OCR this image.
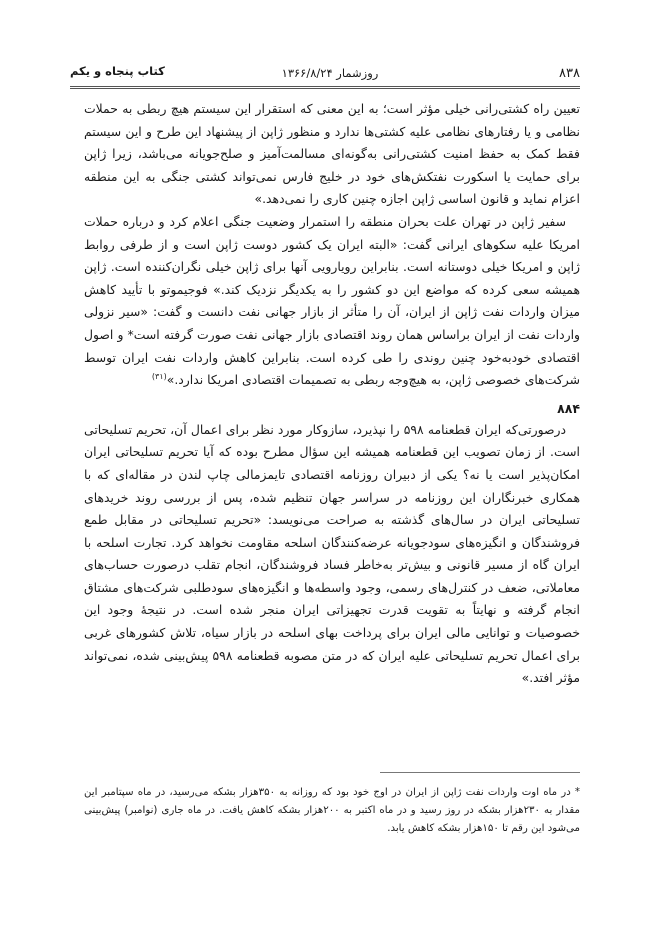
۸۳۸
روزشمار ۱۳۶۶/۸/۲۴
کتاب پنجاه و یکم

تعیین راه کشتی‌رانی خیلی مؤثر است؛ به این معنی که استقرار این سیستم هیچ ربطی به حملات نظامی و یا رفتارهای نظامی علیه کشتی‌ها ندارد و منظور ژاپن از پیشنهاد این طرح و این سیستم فقط کمک به حفظ امنیت کشتی‌رانی به‌گونه‌ای مسالمت‌آمیز و صلح‌جویانه می‌باشد، زیرا ژاپن برای حمایت یا اسکورت نفتکش‌های خود در خلیج فارس نمی‌تواند کشتی جنگی به این منطقه اعزام نماید و قانون اساسی ژاپن اجازه چنین کاری را نمی‌دهد.»

سفیر ژاپن در تهران علت بحران منطقه را استمرار وضعیت جنگی اعلام کرد و درباره حملات امریکا علیه سکوهای ایرانی گفت: «البته ایران یک کشور دوست ژاپن است و از طرفی روابط ژاپن و امریکا خیلی دوستانه است. بنابراین رویارویی آنها برای ژاپن خیلی نگران‌کننده است. ژاپن همیشه سعی کرده که مواضع این دو کشور را به یکدیگر نزدیک کند.» فوجیموتو با تأیید کاهش میزان واردات نفت ژاپن از ایران، آن را متأثر از بازار جهانی نفت دانست و گفت: «سیر نزولی واردات نفت از ایران براساس همان روند اقتصادی بازار جهانی نفت صورت گرفته است* و اصول اقتصادی خودبه‌خود چنین روندی را طی کرده است. بنابراین کاهش واردات نفت ایران توسط شرکت‌های خصوصی ژاپن، به هیچ‌وجه ربطی به تصمیمات اقتصادی امریکا ندارد.»$^{(۳۱)}$

۸۸۴

درصورتی‌که ایران قطعنامه ۵۹۸ را نپذیرد، سازوکار مورد نظر برای اعمال آن، تحریم تسلیحاتی است. از زمان تصویب این قطعنامه همیشه این سؤال مطرح بوده که آیا تحریم تسلیحاتی ایران امکان‌پذیر است یا نه؟ یکی از دبیران روزنامه اقتصادی تایمزمالی چاپ لندن در مقاله‌ای که با همکاری خبرنگاران این روزنامه در سراسر جهان تنظیم شده، پس از بررسی روند خریدهای تسلیحاتی ایران در سال‌های گذشته به صراحت می‌نویسد: «تحریم تسلیحاتی در مقابل طمع فروشندگان و انگیزه‌های سودجویانه عرضه‌کنندگان اسلحه مقاومت نخواهد کرد. تجارت اسلحه با ایران گاه از مسیر قانونی و بیش‌تر به‌خاطر فساد فروشندگان، انجام تقلب درصورت حساب‌های معاملاتی، ضعف در کنترل‌های رسمی، وجود واسطه‌ها و انگیزه‌های سودطلبی شرکت‌های مشتاق انجام گرفته و نهایتاً به تقویت قدرت تجهیزاتی ایران منجر شده است. در نتیجهٔ وجود این خصوصیات و توانایی مالی ایران برای پرداخت بهای اسلحه در بازار سیاه، تلاش کشورهای غربی برای اعمال تحریم تسلیحاتی علیه ایران که در متن مصوبه قطعنامه ۵۹۸ پیش‌بینی شده، نمی‌تواند مؤثر افتد.»

* در ماه اوت واردات نفت ژاپن از ایران در اوج خود بود که روزانه به ۳۵۰هزار بشکه می‌رسید، در ماه سپتامبر این مقدار به ۲۳۰هزار بشکه در روز رسید و در ماه اکتبر به ۲۰۰هزار بشکه کاهش یافت. در ماه جاری (نوامبر) پیش‌بینی می‌شود این رقم تا ۱۵۰هزار بشکه کاهش یابد.
